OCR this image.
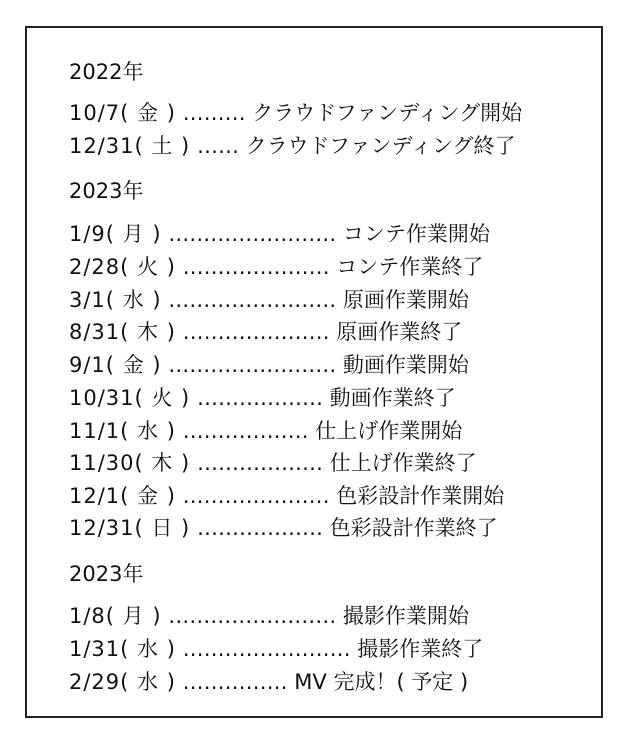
2022年
10/7( 金 ) ……… クラウドファンディング開始
12/31( 土 ) …… クラウドファンディング終了
2023年
1/9( 月 ) …………………… コンテ作業開始
2/28( 火 ) ………………… コンテ作業終了
3/1( 水 ) …………………… 原画作業開始
8/31( 木 ) ………………… 原画作業終了
9/1( 金 ) …………………… 動画作業開始
10/31( 火 ) ……………… 動画作業終了
11/1( 水 ) ……………… 仕上げ作業開始
11/30( 木 ) ……………… 仕上げ作業終了
12/1( 金 ) ………………… 色彩設計作業開始
12/31( 日 ) ……………… 色彩設計作業終了
2023年
1/8( 月 ) …………………… 撮影作業開始
1/31( 水 ) …………………… 撮影作業終了
2/29( 水 ) …………… MV 完成！( 予定 )
